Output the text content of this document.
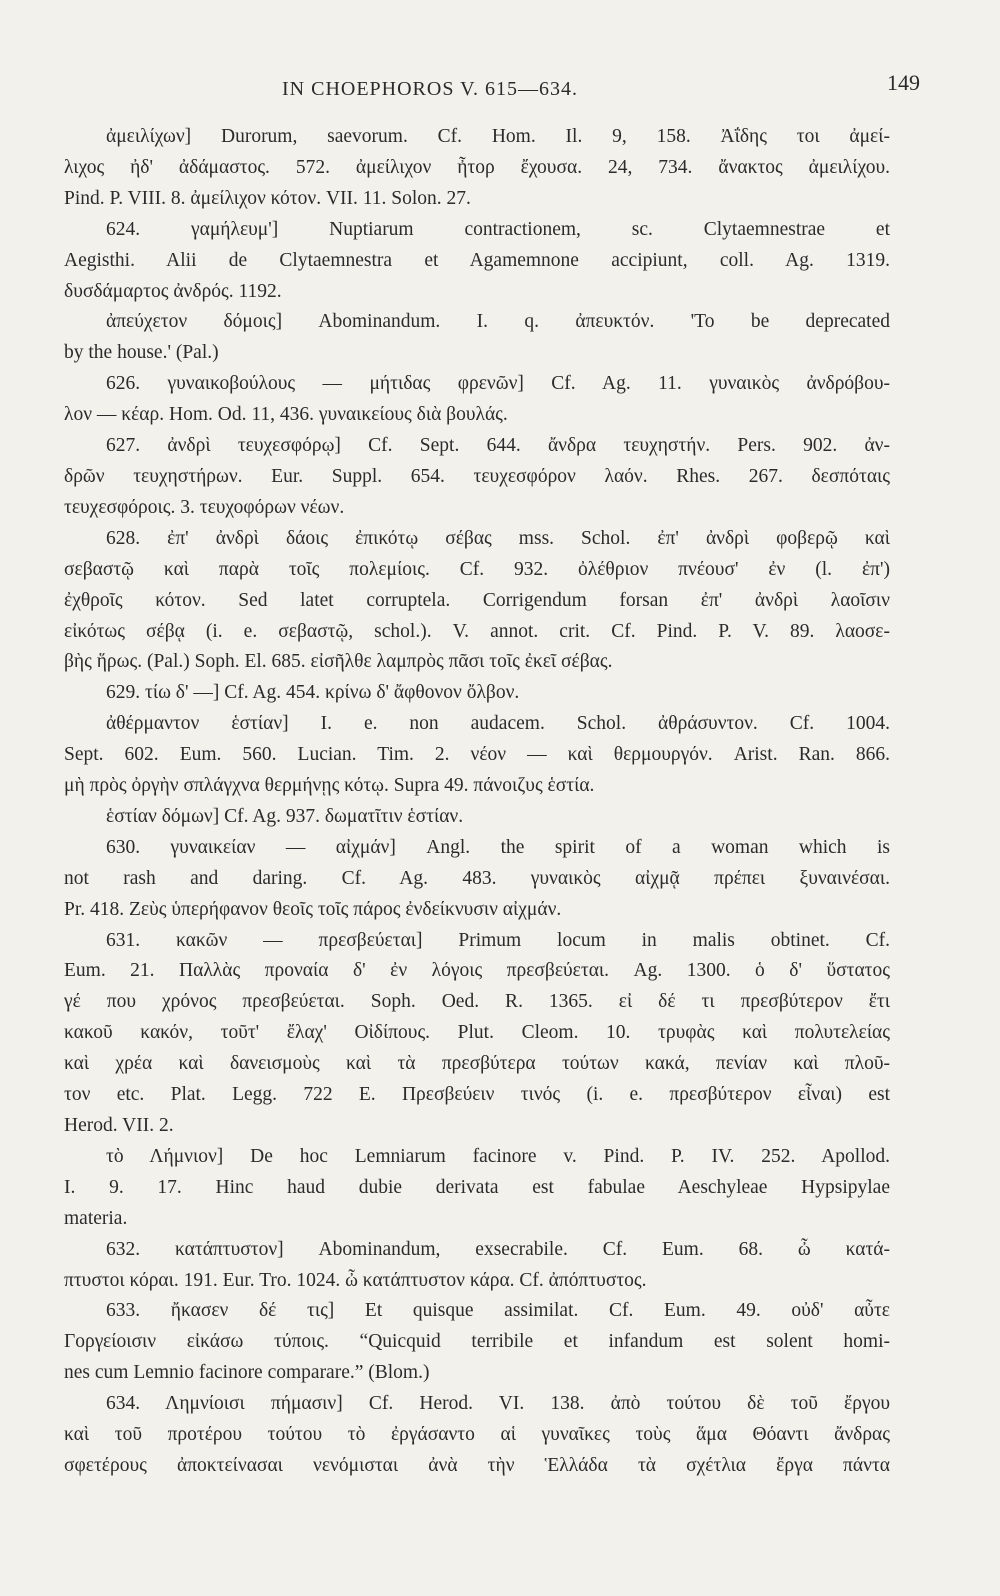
IN CHOEPHOROS V. 615—634.	149
ἀμειλίχων] Durorum, saevorum. Cf. Hom. Il. 9, 158. Ἀΐδης τοι ἀμεί-
λιχος ἠδ' ἀδάμαστος. 572. ἀμείλιχον ἦτορ ἔχουσα. 24, 734. ἄνακτος ἀμειλίχου.
Pind. P. VIII. 8. ἀμείλιχον κότον. VII. 11. Solon. 27.
624. γαμήλευμ'] Nuptiarum contractionem, sc. Clytaemnestrae et
Aegisthi. Alii de Clytaemnestra et Agamemnone accipiunt, coll. Ag. 1319.
δυσδάμαρτος ἀνδρός. 1192.
ἀπεύχετον δόμοις] Abominandum. I. q. ἀπευκτόν. 'To be deprecated
by the house.' (Pal.)
626. γυναικοβούλους — μήτιδας φρενῶν] Cf. Ag. 11. γυναικὸς ἀνδρόβου-
λον — κέαρ. Hom. Od. 11, 436. γυναικείους διὰ βουλάς.
627. ἀνδρὶ τευχεσφόρῳ] Cf. Sept. 644. ἄνδρα τευχηστήν. Pers. 902. ἀν-
δρῶν τευχηστήρων. Eur. Suppl. 654. τευχεσφόρον λαόν. Rhes. 267. δεσπόταις
τευχεσφόροις. 3. τευχοφόρων νέων.
628. ἐπ' ἀνδρὶ δάοις ἐπικότῳ σέβας mss. Schol. ἐπ' ἀνδρὶ φοβερῷ καὶ
σεβαστῷ καὶ παρὰ τοῖς πολεμίοις. Cf. 932. ὀλέθριον πνέουσ' ἐν (l. ἐπ')
ἐχθροῖς κότον. Sed latet corruptela. Corrigendum forsan ἐπ' ἀνδρὶ λαοῖσιν
εἰκότως σέβᾳ (i. e. σεβαστῷ, schol.). V. annot. crit. Cf. Pind. P. V. 89. λαοσε-
βὴς ἥρως. (Pal.) Soph. El. 685. εἰσῆλθε λαμπρὸς πᾶσι τοῖς ἐκεῖ σέβας.
629. τίω δ' —] Cf. Ag. 454. κρίνω δ' ἄφθονον ὄλβον.
ἀθέρμαντον ἑστίαν] I. e. non audacem. Schol. ἀθράσυντον. Cf. 1004.
Sept. 602. Eum. 560. Lucian. Tim. 2. νέον — καὶ θερμουργόν. Arist. Ran. 866.
μὴ πρὸς ὀργὴν σπλάγχνα θερμήνῃς κότῳ. Supra 49. πάνοιζυς ἑστία.
ἑστίαν δόμων] Cf. Ag. 937. δωματῖτιν ἑστίαν.
630. γυναικείαν — αἰχμάν] Angl. the spirit of a woman which is
not rash and daring. Cf. Ag. 483. γυναικὸς αἰχμᾷ πρέπει ξυναινέσαι.
Pr. 418. Ζεὺς ὑπερήφανον θεοῖς τοῖς πάρος ἐνδείκνυσιν αἰχμάν.
631. κακῶν — πρεσβεύεται] Primum locum in malis obtinet. Cf.
Eum. 21. Παλλὰς προναία δ' ἐν λόγοις πρεσβεύεται. Ag. 1300. ὁ δ' ὕστατος
γέ που χρόνος πρεσβεύεται. Soph. Oed. R. 1365. εἰ δέ τι πρεσβύτερον ἔτι
κακοῦ κακόν, τοῦτ' ἔλαχ' Οἰδίπους. Plut. Cleom. 10. τρυφὰς καὶ πολυτελείας
καὶ χρέα καὶ δανεισμοὺς καὶ τὰ πρεσβύτερα τούτων κακά, πενίαν καὶ πλοῦ-
τον etc. Plat. Legg. 722 E. Πρεσβεύειν τινός (i. e. πρεσβύτερον εἶναι) est
Herod. VII. 2.
τὸ Λήμνιον] De hoc Lemniarum facinore v. Pind. P. IV. 252. Apollod.
I. 9. 17. Hinc haud dubie derivata est fabulae Aeschyleae Hypsipylae
materia.
632. κατάπτυστον] Abominandum, exsecrabile. Cf. Eum. 68. ὦ κατά-
πτυστοι κόραι. 191. Eur. Tro. 1024. ὦ κατάπτυστον κάρα. Cf. ἀπόπτυστος.
633. ἤκασεν δέ τις] Et quisque assimilat. Cf. Eum. 49. οὐδ' αὖτε
Γοργείοισιν εἰκάσω τύποις. “Quicquid terribile et infandum est solent homi-
nes cum Lemnio facinore comparare.” (Blom.)
634. Λημνίοισι πήμασιν] Cf. Herod. VI. 138. ἀπὸ τούτου δὲ τοῦ ἔργου
καὶ τοῦ προτέρου τούτου τὸ ἐργάσαντο αἱ γυναῖκες τοὺς ἅμα Θόαντι ἄνδρας
σφετέρους ἀποκτείνασαι νενόμισται ἀνὰ τὴν Ἑλλάδα τὰ σχέτλια ἔργα πάντα
